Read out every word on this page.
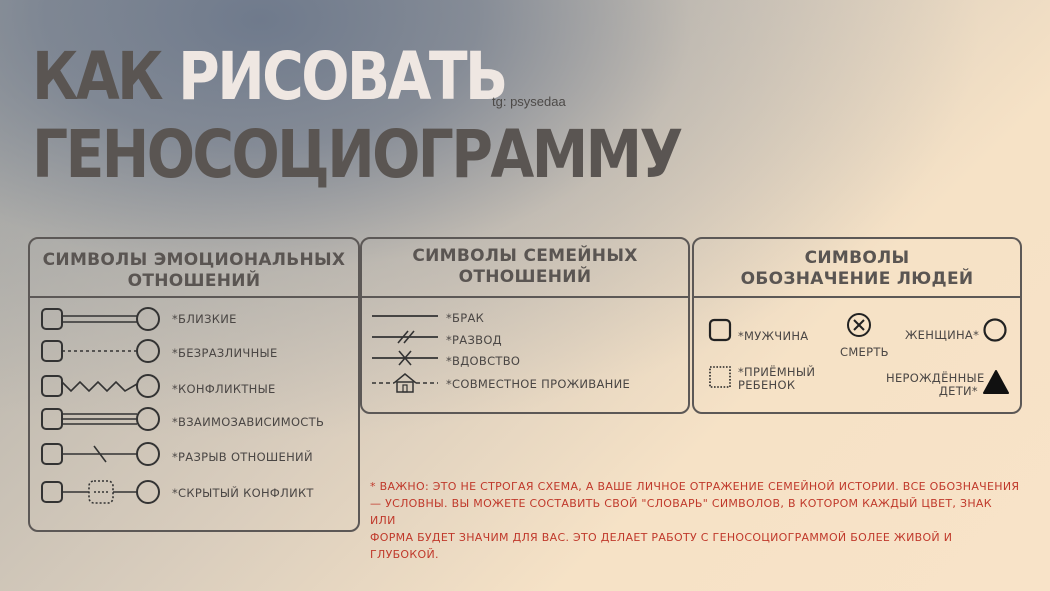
КАК РИСОВАТЬ
ГЕНОСОЦИОГРАММУ
tg: psysedaa
СИМВОЛЫ ЭМОЦИОНАЛЬНЫХ
ОТНОШЕНИЙ
*БЛИЗКИЕ
*БЕЗРАЗЛИЧНЫЕ
*КОНФЛИКТНЫЕ
*ВЗАИМОЗАВИСИМОСТЬ
*РАЗРЫВ ОТНОШЕНИЙ
*СКРЫТЫЙ КОНФЛИКТ
СИМВОЛЫ СЕМЕЙНЫХ
ОТНОШЕНИЙ
*БРАК
*РАЗВОД
*ВДОВСТВО
*СОВМЕСТНОЕ ПРОЖИВАНИЕ
СИМВОЛЫ
ОБОЗНАЧЕНИЕ ЛЮДЕЙ
*МУЖЧИНА
СМЕРТЬ
ЖЕНЩИНА*
*ПРИЁМНЫЙ
РЕБЕНОК	НЕРОЖДЁННЫЕ
ДЕТИ*
* ВАЖНО: ЭТО НЕ СТРОГАЯ СХЕМА, А ВАШЕ ЛИЧНОЕ ОТРАЖЕНИЕ СЕМЕЙНОЙ ИСТОРИИ. ВСЕ ОБОЗНАЧЕНИЯ
— УСЛОВНЫ. ВЫ МОЖЕТЕ СОСТАВИТЬ СВОЙ "СЛОВАРЬ" СИМВОЛОВ, В КОТОРОМ КАЖДЫЙ ЦВЕТ, ЗНАК ИЛИ
ФОРМА БУДЕТ ЗНАЧИМ ДЛЯ ВАС. ЭТО ДЕЛАЕТ РАБОТУ С ГЕНОСОЦИОГРАММОЙ БОЛЕЕ ЖИВОЙ И ГЛУБОКОЙ.
